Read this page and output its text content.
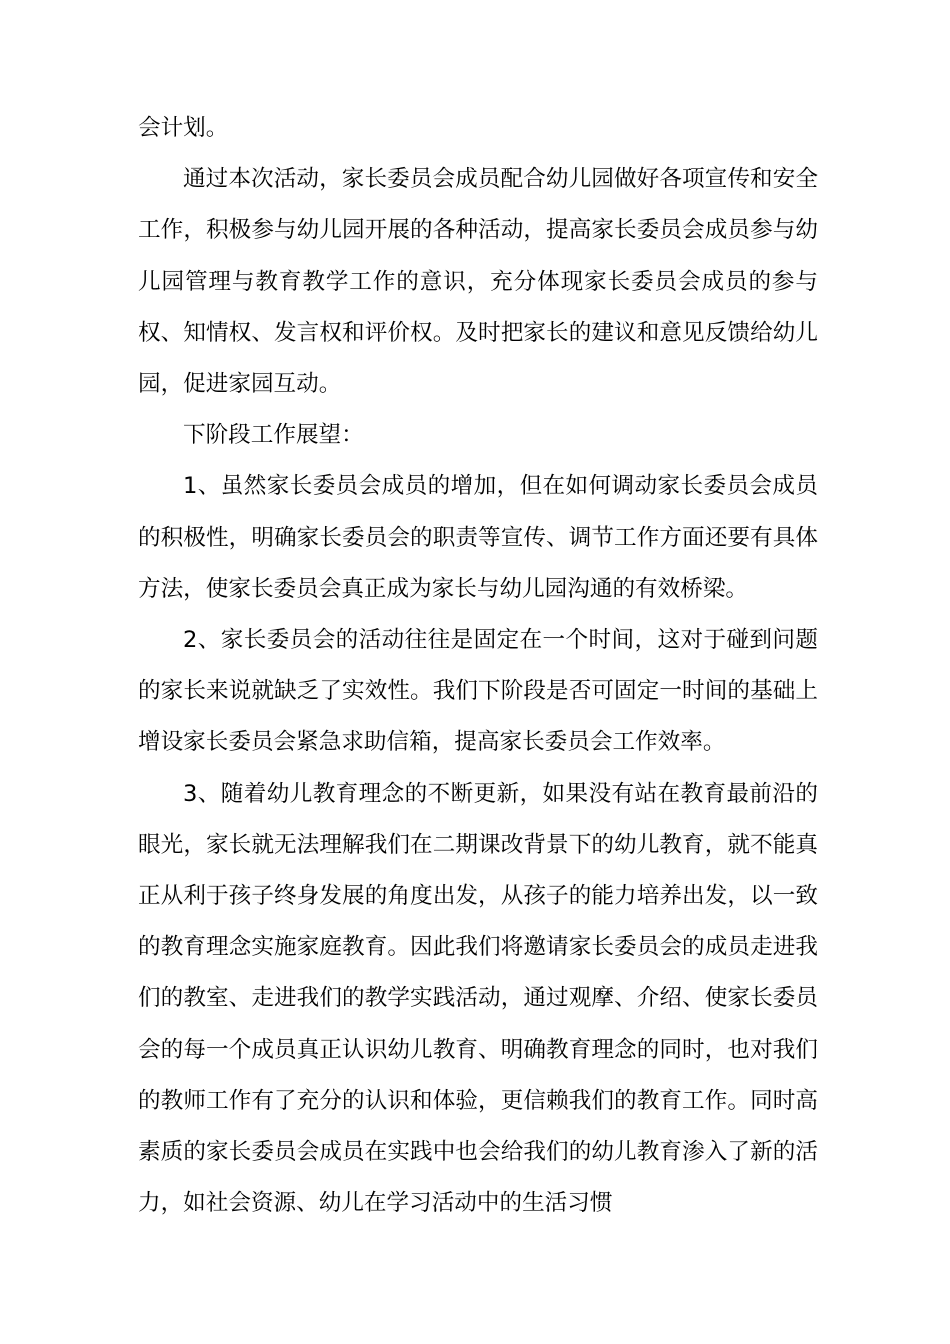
会计划。

通过本次活动，家长委员会成员配合幼儿园做好各项宣传和安全工作，积极参与幼儿园开展的各种活动，提高家长委员会成员参与幼儿园管理与教育教学工作的意识，充分体现家长委员会成员的参与权、知情权、发言权和评价权。及时把家长的建议和意见反馈给幼儿园，促进家园互动。

下阶段工作展望：

1、虽然家长委员会成员的增加，但在如何调动家长委员会成员的积极性，明确家长委员会的职责等宣传、调节工作方面还要有具体方法，使家长委员会真正成为家长与幼儿园沟通的有效桥梁。

2、家长委员会的活动往往是固定在一个时间，这对于碰到问题的家长来说就缺乏了实效性。我们下阶段是否可固定一时间的基础上增设家长委员会紧急求助信箱，提高家长委员会工作效率。

3、随着幼儿教育理念的不断更新，如果没有站在教育最前沿的眼光，家长就无法理解我们在二期课改背景下的幼儿教育，就不能真正从利于孩子终身发展的角度出发，从孩子的能力培养出发，以一致的教育理念实施家庭教育。因此我们将邀请家长委员会的成员走进我们的教室、走进我们的教学实践活动，通过观摩、介绍、使家长委员会的每一个成员真正认识幼儿教育、明确教育理念的同时，也对我们的教师工作有了充分的认识和体验，更信赖我们的教育工作。同时高素质的家长委员会成员在实践中也会给我们的幼儿教育渗入了新的活力，如社会资源、幼儿在学习活动中的生活习惯
